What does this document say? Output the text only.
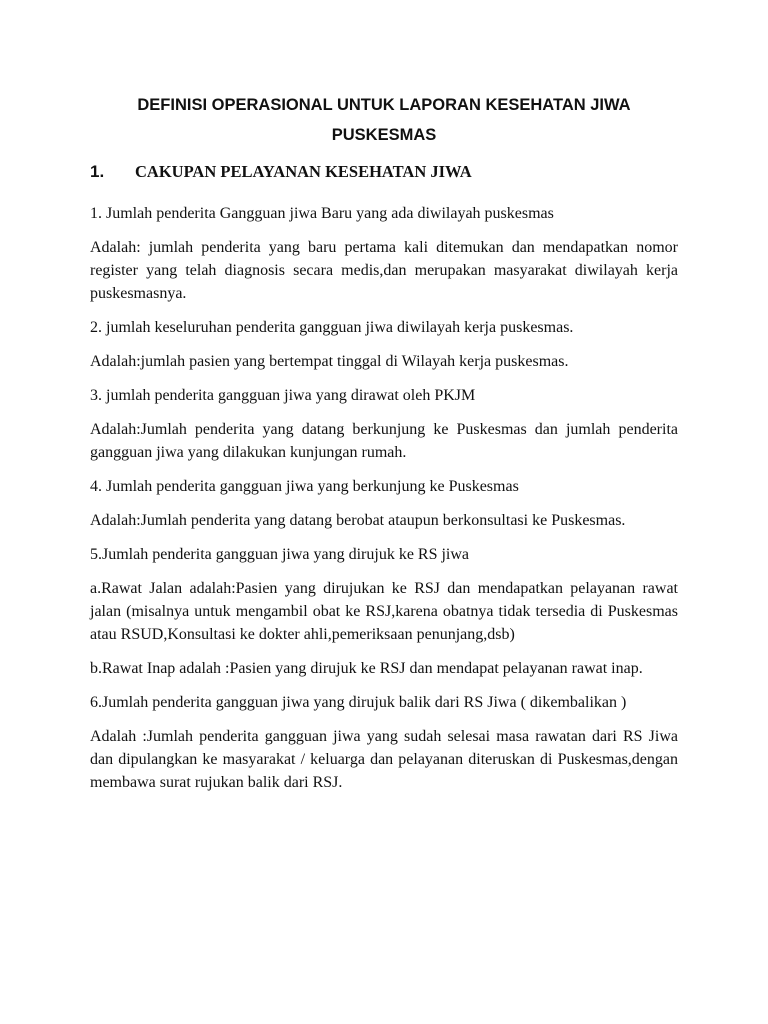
DEFINISI OPERASIONAL UNTUK LAPORAN KESEHATAN JIWA
PUSKESMAS
1.	CAKUPAN PELAYANAN KESEHATAN JIWA

1. Jumlah penderita Gangguan jiwa Baru yang ada diwilayah puskesmas

Adalah: jumlah penderita yang baru pertama kali ditemukan dan mendapatkan nomor register yang telah diagnosis secara medis,dan merupakan masyarakat diwilayah kerja puskesmasnya.

2. jumlah keseluruhan penderita gangguan jiwa diwilayah kerja puskesmas.

Adalah:jumlah pasien yang bertempat tinggal di Wilayah kerja puskesmas.

3. jumlah penderita gangguan jiwa yang dirawat oleh PKJM

Adalah:Jumlah penderita yang datang berkunjung ke Puskesmas dan jumlah penderita gangguan jiwa yang dilakukan kunjungan rumah.

4. Jumlah penderita gangguan jiwa yang berkunjung ke Puskesmas

Adalah:Jumlah penderita yang datang berobat ataupun berkonsultasi ke Puskesmas.

5.Jumlah penderita gangguan jiwa yang dirujuk ke RS jiwa

a.Rawat Jalan adalah:Pasien yang dirujukan ke RSJ dan mendapatkan pelayanan rawat jalan (misalnya untuk mengambil obat ke RSJ,karena obatnya tidak tersedia di Puskesmas atau RSUD,Konsultasi ke dokter ahli,pemeriksaan penunjang,dsb)

b.Rawat Inap adalah :Pasien yang dirujuk ke RSJ dan mendapat pelayanan rawat inap.

6.Jumlah penderita gangguan jiwa yang dirujuk balik dari RS Jiwa ( dikembalikan )

Adalah :Jumlah penderita gangguan jiwa yang sudah selesai masa rawatan dari RS Jiwa dan dipulangkan ke masyarakat / keluarga dan pelayanan diteruskan di Puskesmas,dengan membawa surat rujukan balik dari RSJ.
